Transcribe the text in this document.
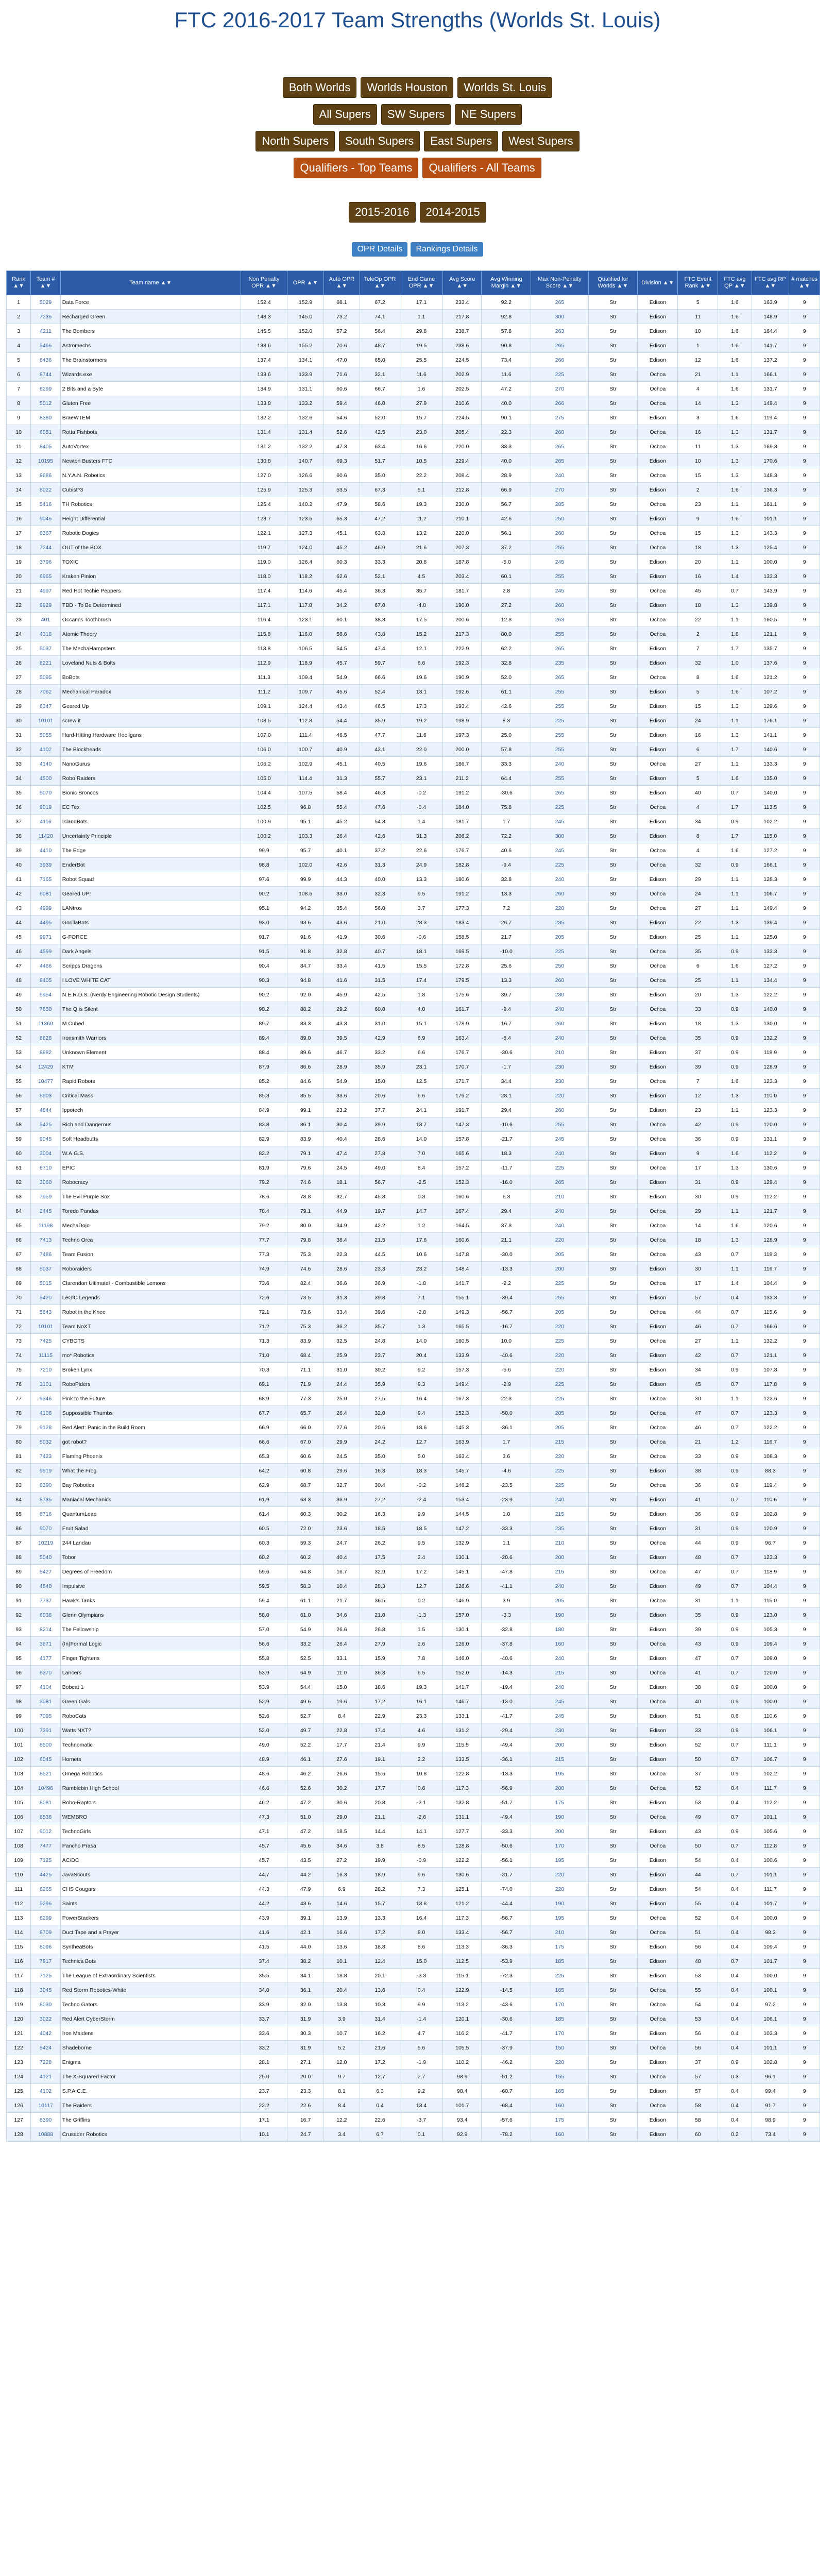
FTC 2016-2017 Team Strengths (Worlds St. Louis)
Both Worlds Worlds Houston Worlds St. Louis
All Supers SW Supers NE Supers
North Supers South Supers East Supers West Supers
Qualifiers - Top Teams Qualifiers - All Teams
2015-2016 2014-2015
OPR Details Rankings Details
Rank ▲▼	Team # ▲▼	Team name ▲▼	Non Penalty OPR ▲▼	OPR ▲▼	Auto OPR ▲▼	TeleOp OPR ▲▼	End Game OPR ▲▼	Avg Score ▲▼	Avg Winning Margin ▲▼	Max Non-Penalty Score ▲▼	Qualified for Worlds ▲▼	Division ▲▼	FTC Event Rank ▲▼	FTC avg QP ▲▼	FTC avg RP ▲▼	# matches ▲▼
1	5029	Data Force	152.4	152.9	68.1	67.2	17.1	233.4	92.2	265	Str	Edison	5	1.6	163.9	9
2	7236	Recharged Green	148.3	145.0	73.2	74.1	1.1	217.8	92.8	300	Str	Edison	11	1.6	148.9	9
3	4211	The Bombers	145.5	152.0	57.2	56.4	29.8	238.7	57.8	263	Str	Edison	10	1.6	164.4	9
4	5466	Astromechs	138.6	155.2	70.6	48.7	19.5	238.6	90.8	265	Str	Edison	1	1.6	141.7	9
5	6436	The Brainstormers	137.4	134.1	47.0	65.0	25.5	224.5	73.4	266	Str	Edison	12	1.6	137.2	9
6	8744	Wizards.exe	133.6	133.9	71.6	32.1	11.6	202.9	11.6	225	Str	Ochoa	21	1.1	166.1	9
7	6299	2 Bits and a Byte	134.9	131.1	60.6	66.7	1.6	202.5	47.2	270	Str	Ochoa	4	1.6	131.7	9
8	5012	Gluten Free	133.8	133.2	59.4	46.0	27.9	210.6	40.0	266	Str	Ochoa	14	1.3	149.4	9
9	8380	BraeWTEM	132.2	132.6	54.6	52.0	15.7	224.5	90.1	275	Str	Edison	3	1.6	119.4	9
10	6051	Rotta Fishbots	131.4	131.4	52.6	42.5	23.0	205.4	22.3	260	Str	Ochoa	16	1.3	131.7	9
11	8405	AutoVortex	131.2	132.2	47.3	63.4	16.6	220.0	33.3	265	Str	Ochoa	11	1.3	169.3	9
12	10195	Newton Busters FTC	130.8	140.7	69.3	51.7	10.5	229.4	40.0	265	Str	Edison	10	1.3	170.6	9
13	8686	N.Y.A.N. Robotics	127.0	126.6	60.6	35.0	22.2	208.4	28.9	240	Str	Ochoa	15	1.3	148.3	9
14	8022	Cubist^3	125.9	125.3	53.5	67.3	5.1	212.8	66.9	270	Str	Edison	2	1.6	136.3	9
15	5416	TH Robotics	125.4	140.2	47.9	58.6	19.3	230.0	56.7	285	Str	Ochoa	23	1.1	161.1	9
16	9046	Height Differential	123.7	123.6	65.3	47.2	11.2	210.1	42.6	250	Str	Edison	9	1.6	101.1	9
17	8367	Robotic Dogies	122.1	127.3	45.1	63.8	13.2	220.0	56.1	260	Str	Ochoa	15	1.3	143.3	9
18	7244	OUT of the BOX	119.7	124.0	45.2	46.9	21.6	207.3	37.2	255	Str	Ochoa	18	1.3	125.4	9
19	3796	TOXIC	119.0	126.4	60.3	33.3	20.8	187.8	-5.0	245	Str	Edison	20	1.1	100.0	9
20	6965	Kraken Pinion	118.0	118.2	62.6	52.1	4.5	203.4	60.1	255	Str	Edison	16	1.4	133.3	9
21	4997	Red Hot Techie Peppers	117.4	114.6	45.4	36.3	35.7	181.7	2.8	245	Str	Ochoa	45	0.7	143.9	9
22	9929	TBD - To Be Determined	117.1	117.8	34.2	67.0	-4.0	190.0	27.2	260	Str	Edison	18	1.3	139.8	9
23	401	Occam's Toothbrush	116.4	123.1	60.1	38.3	17.5	200.6	12.8	263	Str	Ochoa	22	1.1	160.5	9
24	4318	Atomic Theory	115.8	116.0	56.6	43.8	15.2	217.3	80.0	255	Str	Ochoa	2	1.8	121.1	9
25	5037	The MechaHampsters	113.8	106.5	54.5	47.4	12.1	222.9	62.2	265	Str	Edison	7	1.7	135.7	9
26	8221	Loveland Nuts & Bolts	112.9	118.9	45.7	59.7	6.6	192.3	32.8	235	Str	Edison	32	1.0	137.6	9
27	5095	BoBots	111.3	109.4	54.9	66.6	19.6	190.9	52.0	265	Str	Ochoa	8	1.6	121.2	9
28	7062	Mechanical Paradox	111.2	109.7	45.6	52.4	13.1	192.6	61.1	255	Str	Edison	5	1.6	107.2	9
29	6347	Geared Up	109.1	124.4	43.4	46.5	17.3	193.4	42.6	255	Str	Edison	15	1.3	129.6	9
30	10101	screw it	108.5	112.8	54.4	35.9	19.2	198.9	8.3	225	Str	Edison	24	1.1	176.1	9
31	5055	Hard-Hitting Hardware Hooligans	107.0	111.4	46.5	47.7	11.6	197.3	25.0	255	Str	Edison	16	1.3	141.1	9
32	4102	The Blockheads	106.0	100.7	40.9	43.1	22.0	200.0	57.8	255	Str	Edison	6	1.7	140.6	9
33	4140	NanoGurus	106.2	102.9	45.1	40.5	19.6	186.7	33.3	240	Str	Ochoa	27	1.1	133.3	9
34	4500	Robo Raiders	105.0	114.4	31.3	55.7	23.1	211.2	64.4	255	Str	Edison	5	1.6	135.0	9
35	5070	Bionic Broncos	104.4	107.5	58.4	46.3	-0.2	191.2	-30.6	265	Str	Edison	40	0.7	140.0	9
36	9019	EC Tex	102.5	96.8	55.4	47.6	-0.4	184.0	75.8	225	Str	Ochoa	4	1.7	113.5	9
37	4116	IslandBots	100.9	95.1	45.2	54.3	1.4	181.7	1.7	245	Str	Edison	34	0.9	102.2	9
38	11420	Uncertainty Principle	100.2	103.3	26.4	42.6	31.3	206.2	72.2	300	Str	Edison	8	1.7	115.0	9
39	4410	The Edge	99.9	95.7	40.1	37.2	22.6	176.7	40.6	245	Str	Ochoa	4	1.6	127.2	9
40	3939	EnderBot	98.8	102.0	42.6	31.3	24.9	182.8	-9.4	225	Str	Ochoa	32	0.9	166.1	9
41	7165	Robot Squad	97.6	99.9	44.3	40.0	13.3	180.6	32.8	240	Str	Edison	29	1.1	128.3	9
42	6081	Geared UP!	90.2	108.6	33.0	32.3	9.5	191.2	13.3	260	Str	Ochoa	24	1.1	106.7	9
43	4999	LANtros	95.1	94.2	35.4	56.0	3.7	177.3	7.2	220	Str	Ochoa	27	1.1	149.4	9
44	4495	GorillaBots	93.0	93.6	43.6	21.0	28.3	183.4	26.7	235	Str	Edison	22	1.3	139.4	9
45	9971	G-FORCE	91.7	91.6	41.9	30.6	-0.6	158.5	21.7	205	Str	Edison	25	1.1	125.0	9
46	4599	Dark Angels	91.5	91.8	32.8	40.7	18.1	169.5	-10.0	225	Str	Ochoa	35	0.9	133.3	9
47	4466	Scripps Dragons	90.4	84.7	33.4	41.5	15.5	172.8	25.6	250	Str	Ochoa	6	1.6	127.2	9
48	8405	I LOVE WHITE CAT	90.3	94.8	41.6	31.5	17.4	179.5	13.3	260	Str	Ochoa	25	1.1	134.4	9
49	5954	N.E.R.D.S. (Nerdy Engineering Robotic Design Students)	90.2	92.0	45.9	42.5	1.8	175.6	39.7	230	Str	Edison	20	1.3	122.2	9
50	7650	The Q is Silent	90.2	88.2	29.2	60.0	4.0	161.7	-9.4	240	Str	Ochoa	33	0.9	140.0	9
51	11360	M Cubed	89.7	83.3	43.3	31.0	15.1	178.9	16.7	260	Str	Edison	18	1.3	130.0	9
52	8626	Ironsmith Warriors	89.4	89.0	39.5	42.9	6.9	163.4	-8.4	240	Str	Ochoa	35	0.9	132.2	9
53	8882	Unknown Element	88.4	89.6	46.7	33.2	6.6	176.7	-30.6	210	Str	Edison	37	0.9	118.9	9
54	12429	KTM	87.9	86.6	28.9	35.9	23.1	170.7	-1.7	230	Str	Edison	39	0.9	128.9	9
55	10477	Rapid Robots	85.2	84.6	54.9	15.0	12.5	171.7	34.4	230	Str	Ochoa	7	1.6	123.3	9
56	8503	Critical Mass	85.3	85.5	33.6	20.6	6.6	179.2	28.1	220	Str	Edison	12	1.3	110.0	9
57	4844	Ippotech	84.9	99.1	23.2	37.7	24.1	191.7	29.4	260	Str	Edison	23	1.1	123.3	9
58	5425	Rich and Dangerous	83.8	86.1	30.4	39.9	13.7	147.3	-10.6	255	Str	Ochoa	42	0.9	120.0	9
59	9045	Soft Headbutts	82.9	83.9	40.4	28.6	14.0	157.8	-21.7	245	Str	Ochoa	36	0.9	131.1	9
60	3004	W.A.G.S.	82.2	79.1	47.4	27.8	7.0	165.6	18.3	240	Str	Edison	9	1.6	112.2	9
61	6710	EPIC	81.9	79.6	24.5	49.0	8.4	157.2	-11.7	225	Str	Ochoa	17	1.3	130.6	9
62	3060	Robocracy	79.2	74.6	18.1	56.7	-2.5	152.3	-16.0	265	Str	Edison	31	0.9	129.4	9
63	7959	The Evil Purple Sox	78.6	78.8	32.7	45.8	0.3	160.6	6.3	210	Str	Edison	30	0.9	112.2	9
64	2445	Toredo Pandas	78.4	79.1	44.9	19.7	14.7	167.4	29.4	240	Str	Ochoa	29	1.1	121.7	9
65	11198	MechaDojo	79.2	80.0	34.9	42.2	1.2	164.5	37.8	240	Str	Ochoa	14	1.6	120.6	9
66	7413	Techno Orca	77.7	79.8	38.4	21.5	17.6	160.6	21.1	220	Str	Ochoa	18	1.3	128.9	9
67	7486	Team Fusion	77.3	75.3	22.3	44.5	10.6	147.8	-30.0	205	Str	Ochoa	43	0.7	118.3	9
68	5037	Roboraiders	74.9	74.6	28.6	23.3	23.2	148.4	-13.3	200	Str	Edison	30	1.1	116.7	9
69	5015	Clarendon Ultimate! - Combustible Lemons	73.6	82.4	36.6	36.9	-1.8	141.7	-2.2	225	Str	Ochoa	17	1.4	104.4	9
70	5420	LeGlC Legends	72.6	73.5	31.3	39.8	7.1	155.1	-39.4	255	Str	Edison	57	0.4	133.3	9
71	5643	Robot in the Knee	72.1	73.6	33.4	39.6	-2.8	149.3	-56.7	205	Str	Ochoa	44	0.7	115.6	9
72	10101	Team NoXT	71.2	75.3	36.2	35.7	1.3	165.5	-16.7	220	Str	Edison	46	0.7	166.6	9
73	7425	CYBOTS	71.3	83.9	32.5	24.8	14.0	160.5	10.0	225	Str	Ochoa	27	1.1	132.2	9
74	11115	mo* Robotics	71.0	68.4	25.9	23.7	20.4	133.9	-40.6	220	Str	Edison	42	0.7	121.1	9
75	7210	Broken Lynx	70.3	71.1	31.0	30.2	9.2	157.3	-5.6	220	Str	Edison	34	0.9	107.8	9
76	3101	RoboPiders	69.1	71.9	24.4	35.9	9.3	149.4	-2.9	225	Str	Edison	45	0.7	117.8	9
77	9346	Pink to the Future	68.9	77.3	25.0	27.5	16.4	167.3	22.3	225	Str	Ochoa	30	1.1	123.6	9
78	4106	Suppossible Thumbs	67.7	65.7	26.4	32.0	9.4	152.3	-50.0	205	Str	Ochoa	47	0.7	123.3	9
79	9128	Red Alert: Panic in the Build Room	66.9	66.0	27.6	20.6	18.6	145.3	-36.1	205	Str	Ochoa	46	0.7	122.2	9
80	5032	got robot?	66.6	67.0	29.9	24.2	12.7	163.9	1.7	215	Str	Ochoa	21	1.2	116.7	9
81	7423	Flaming Phoenix	65.3	60.6	24.5	35.0	5.0	163.4	3.6	220	Str	Ochoa	33	0.9	108.3	9
82	9519	What the Frog	64.2	60.8	29.6	16.3	18.3	145.7	-4.6	225	Str	Edison	38	0.9	88.3	9
83	8390	Bay Robotics	62.9	68.7	32.7	30.4	-0.2	146.2	-23.5	225	Str	Ochoa	36	0.9	119.4	9
84	8735	Maniacal Mechanics	61.9	63.3	36.9	27.2	-2.4	153.4	-23.9	240	Str	Edison	41	0.7	110.6	9
85	8716	QuantumLeap	61.4	60.3	30.2	16.3	9.9	144.5	1.0	215	Str	Edison	36	0.9	102.8	9
86	9070	Fruit Salad	60.5	72.0	23.6	18.5	18.5	147.2	-33.3	235	Str	Edison	31	0.9	120.9	9
87	10219	244 Landau	60.3	59.3	24.7	26.2	9.5	132.9	1.1	210	Str	Ochoa	44	0.9	96.7	9
88	5040	Tobor	60.2	60.2	40.4	17.5	2.4	130.1	-20.6	200	Str	Edison	48	0.7	123.3	9
89	5427	Degrees of Freedom	59.6	64.8	16.7	32.9	17.2	145.1	-47.8	215	Str	Ochoa	47	0.7	118.9	9
90	4640	Impulsive	59.5	58.3	10.4	28.3	12.7	126.6	-41.1	240	Str	Edison	49	0.7	104.4	9
91	7737	Hawk's Tanks	59.4	61.1	21.7	36.5	0.2	146.9	3.9	205	Str	Ochoa	31	1.1	115.0	9
92	6038	Glenn Olympians	58.0	61.0	34.6	21.0	-1.3	157.0	-3.3	190	Str	Edison	35	0.9	123.0	9
93	8214	The Fellowship	57.0	54.9	26.6	26.8	1.5	130.1	-32.8	180	Str	Edison	39	0.9	105.3	9
94	3671	(In)Formal Logic	56.6	33.2	26.4	27.9	2.6	126.0	-37.8	160	Str	Ochoa	43	0.9	109.4	9
95	4177	Finger Tightens	55.8	52.5	33.1	15.9	7.8	146.0	-40.6	240	Str	Edison	47	0.7	109.0	9
96	6370	Lancers	53.9	64.9	11.0	36.3	6.5	152.0	-14.3	215	Str	Ochoa	41	0.7	120.0	9
97	4104	Bobcat 1	53.9	54.4	15.0	18.6	19.3	141.7	-19.4	240	Str	Edison	38	0.9	100.0	9
98	3081	Green Gals	52.9	49.6	19.6	17.2	16.1	146.7	-13.0	245	Str	Ochoa	40	0.9	100.0	9
99	7095	RoboCats	52.6	52.7	8.4	22.9	23.3	133.1	-41.7	245	Str	Edison	51	0.6	110.6	9
100	7391	Watts NXT?	52.0	49.7	22.8	17.4	4.6	131.2	-29.4	230	Str	Edison	33	0.9	106.1	9
101	8500	Technomatic	49.0	52.2	17.7	21.4	9.9	115.5	-49.4	200	Str	Edison	52	0.7	111.1	9
102	6045	Hornets	48.9	46.1	27.6	19.1	2.2	133.5	-36.1	215	Str	Edison	50	0.7	106.7	9
103	8521	Omega Robotics	48.6	46.2	26.6	15.6	10.8	122.8	-13.3	195	Str	Ochoa	37	0.9	102.2	9
104	10496	Ramblebin High School	46.6	52.6	30.2	17.7	0.6	117.3	-56.9	200	Str	Ochoa	52	0.4	111.7	9
105	8081	Robo-Raptors	46.2	47.2	30.6	20.8	-2.1	132.8	-51.7	175	Str	Edison	53	0.4	112.2	9
106	8536	WEMBRO	47.3	51.0	29.0	21.1	-2.6	131.1	-49.4	190	Str	Ochoa	49	0.7	101.1	9
107	9012	TechnoGirls	47.1	47.2	18.5	14.4	14.1	127.7	-33.3	200	Str	Edison	43	0.9	105.6	9
108	7477	Pancho Prasa	45.7	45.6	34.6	3.8	8.5	128.8	-50.6	170	Str	Ochoa	50	0.7	112.8	9
109	7125	AC/DC	45.7	43.5	27.2	19.9	-0.9	122.2	-56.1	195	Str	Edison	54	0.4	100.6	9
110	4425	JavaScouts	44.7	44.2	16.3	18.9	9.6	130.6	-31.7	220	Str	Edison	44	0.7	101.1	9
111	6265	CHS Cougars	44.3	47.9	6.9	28.2	7.3	125.1	-74.0	220	Str	Edison	54	0.4	111.7	9
112	5296	Saints	44.2	43.6	14.6	15.7	13.8	121.2	-44.4	190	Str	Edison	55	0.4	101.7	9
113	6299	PowerStackers	43.9	39.1	13.9	13.3	16.4	117.3	-56.7	195	Str	Ochoa	52	0.4	100.0	9
114	8709	Duct Tape and a Prayer	41.6	42.1	16.6	17.2	8.0	133.4	-56.7	210	Str	Ochoa	51	0.4	98.3	9
115	8096	SyntheaBots	41.5	44.0	13.6	18.8	8.6	113.3	-36.3	175	Str	Edison	56	0.4	109.4	9
116	7917	Technica Bots	37.4	38.2	10.1	12.4	15.0	112.5	-53.9	185	Str	Edison	48	0.7	101.7	9
117	7125	The League of Extraordinary Scientists	35.5	34.1	18.8	20.1	-3.3	115.1	-72.3	225	Str	Edison	53	0.4	100.0	9
118	3045	Red Storm Robotics-White	34.0	36.1	20.4	13.6	0.4	122.9	-14.5	165	Str	Ochoa	55	0.4	100.1	9
119	8030	Techno Gators	33.9	32.0	13.8	10.3	9.9	113.2	-43.6	170	Str	Ochoa	54	0.4	97.2	9
120	3022	Red Alert CyberStorm	33.7	31.9	3.9	31.4	-1.4	120.1	-30.6	185	Str	Ochoa	53	0.4	106.1	9
121	4042	Iron Maidens	33.6	30.3	10.7	16.2	4.7	116.2	-41.7	170	Str	Edison	56	0.4	103.3	9
122	5424	Shadeborne	33.2	31.9	5.2	21.6	5.6	105.5	-37.9	150	Str	Ochoa	56	0.4	101.1	9
123	7228	Enigma	28.1	27.1	12.0	17.2	-1.9	110.2	-46.2	220	Str	Edison	37	0.9	102.8	9
124	4121	The X-Squared Factor	25.0	20.0	9.7	12.7	2.7	98.9	-51.2	155	Str	Ochoa	57	0.3	96.1	9
125	4102	S.P.A.C.E.	23.7	23.3	8.1	6.3	9.2	98.4	-60.7	165	Str	Edison	57	0.4	99.4	9
126	10117	The Raiders	22.2	22.6	8.4	0.4	13.4	101.7	-68.4	160	Str	Ochoa	58	0.4	91.7	9
127	8390	The Griffins	17.1	16.7	12.2	22.6	-3.7	93.4	-57.6	175	Str	Edison	58	0.4	98.9	9
128	10888	Crusader Robotics	10.1	24.7	3.4	6.7	0.1	92.9	-78.2	160	Str	Edison	60	0.2	73.4	9
